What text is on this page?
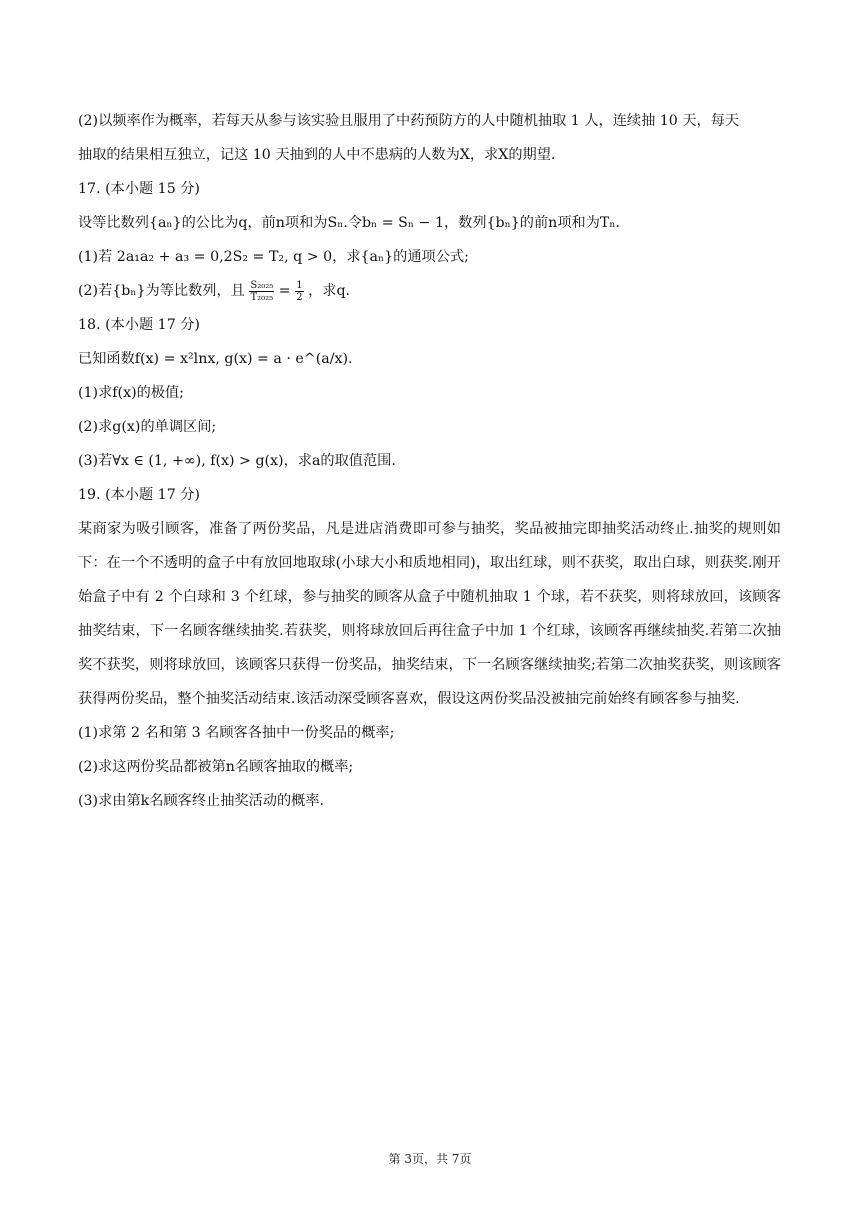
(2)以频率作为概率，若每天从参与该实验且服用了中药预防方的人中随机抽取 1 人，连续抽 10 天，每天
抽取的结果相互独立，记这 10 天抽到的人中不患病的人数为X，求X的期望.
17. (本小题 15 分)
设等比数列{aₙ}的公比为q，前n项和为Sₙ.令bₙ = Sₙ − 1，数列{bₙ}的前n项和为Tₙ.
(1)若 2a₁a₂ + a₃ = 0,2S₂ = T₂, q > 0，求{aₙ}的通项公式;
(2)若{bₙ}为等比数列，且 $\frac{\text{S₂₀₂₅}}{\text{T₂₀₂₅}} = \frac{1}{2}$ ，求q.
18. (本小题 17 分)
已知函数f(x) = x²lnx, g(x) = a · e^(a/x).
(1)求f(x)的极值;
(2)求g(x)的单调区间;
(3)若∀x ∈ (1, +∞), f(x) > g(x)，求a的取值范围.
19. (本小题 17 分)
某商家为吸引顾客，准备了两份奖品，凡是进店消费即可参与抽奖，奖品被抽完即抽奖活动终止.抽奖的规则如下：在一个不透明的盒子中有放回地取球(小球大小和质地相同)，取出红球，则不获奖，取出白球，则获奖.刚开始盒子中有 2 个白球和 3 个红球，参与抽奖的顾客从盒子中随机抽取 1 个球，若不获奖，则将球放回，该顾客抽奖结束，下一名顾客继续抽奖.若获奖，则将球放回后再往盒子中加 1 个红球，该顾客再继续抽奖.若第二次抽奖不获奖，则将球放回，该顾客只获得一份奖品，抽奖结束，下一名顾客继续抽奖;若第二次抽奖获奖，则该顾客获得两份奖品，整个抽奖活动结束.该活动深受顾客喜欢，假设这两份奖品没被抽完前始终有顾客参与抽奖.
(1)求第 2 名和第 3 名顾客各抽中一份奖品的概率;
(2)求这两份奖品都被第n名顾客抽取的概率;
(3)求由第k名顾客终止抽奖活动的概率.
第 3页，共 7页
